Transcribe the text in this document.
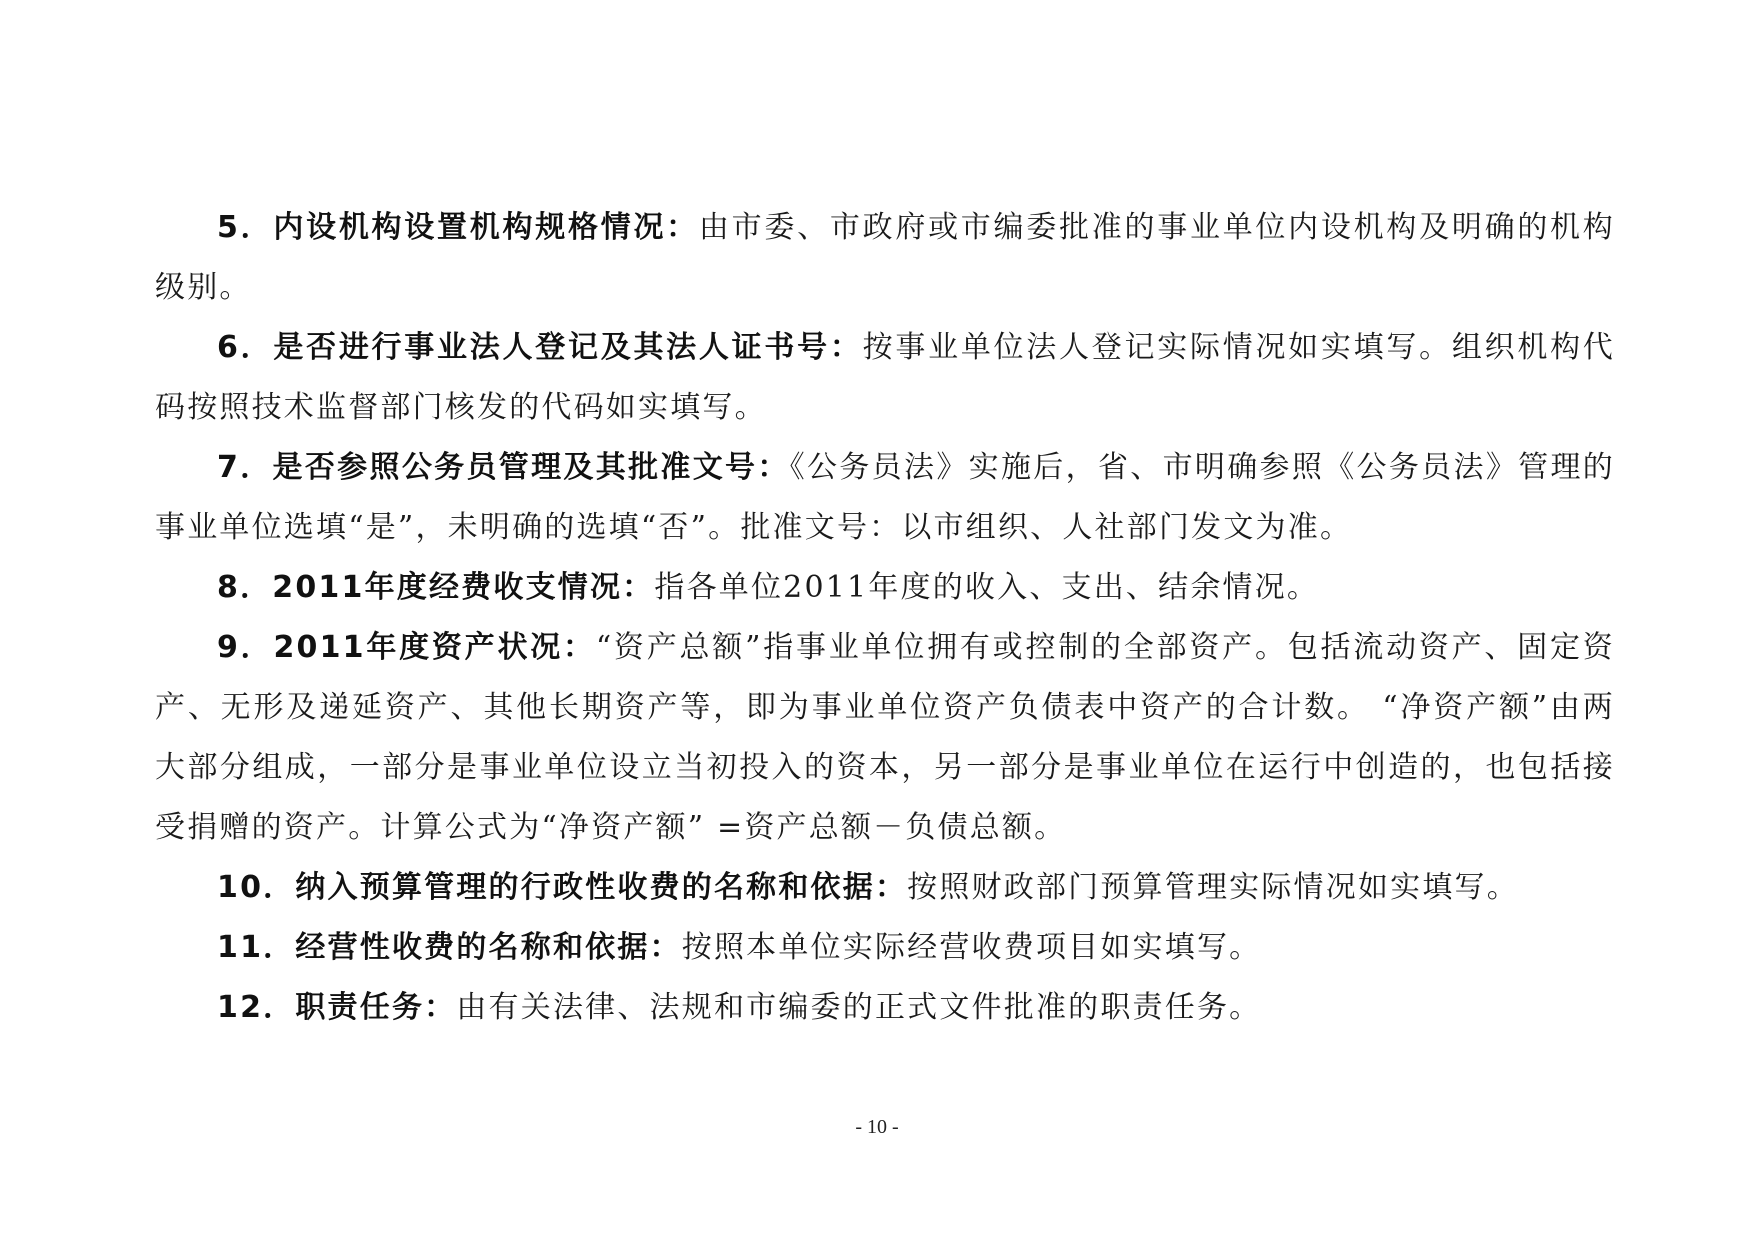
5．内设机构设置机构规格情况：由市委、市政府或市编委批准的事业单位内设机构及明确的机构级别。

6．是否进行事业法人登记及其法人证书号：按事业单位法人登记实际情况如实填写。组织机构代码按照技术监督部门核发的代码如实填写。

7．是否参照公务员管理及其批准文号：《公务员法》实施后，省、市明确参照《公务员法》管理的事业单位选填“是”，未明确的选填“否”。批准文号：以市组织、人社部门发文为准。

8．2011年度经费收支情况：指各单位2011年度的收入、支出、结余情况。

9．2011年度资产状况：“资产总额”指事业单位拥有或控制的全部资产。包括流动资产、固定资产、无形及递延资产、其他长期资产等，即为事业单位资产负债表中资产的合计数。 “净资产额”由两大部分组成，一部分是事业单位设立当初投入的资本，另一部分是事业单位在运行中创造的，也包括接受捐赠的资产。计算公式为“净资产额” =资产总额－负债总额。

10．纳入预算管理的行政性收费的名称和依据：按照财政部门预算管理实际情况如实填写。

11．经营性收费的名称和依据：按照本单位实际经营收费项目如实填写。

12．职责任务：由有关法律、法规和市编委的正式文件批准的职责任务。

- 10 -
